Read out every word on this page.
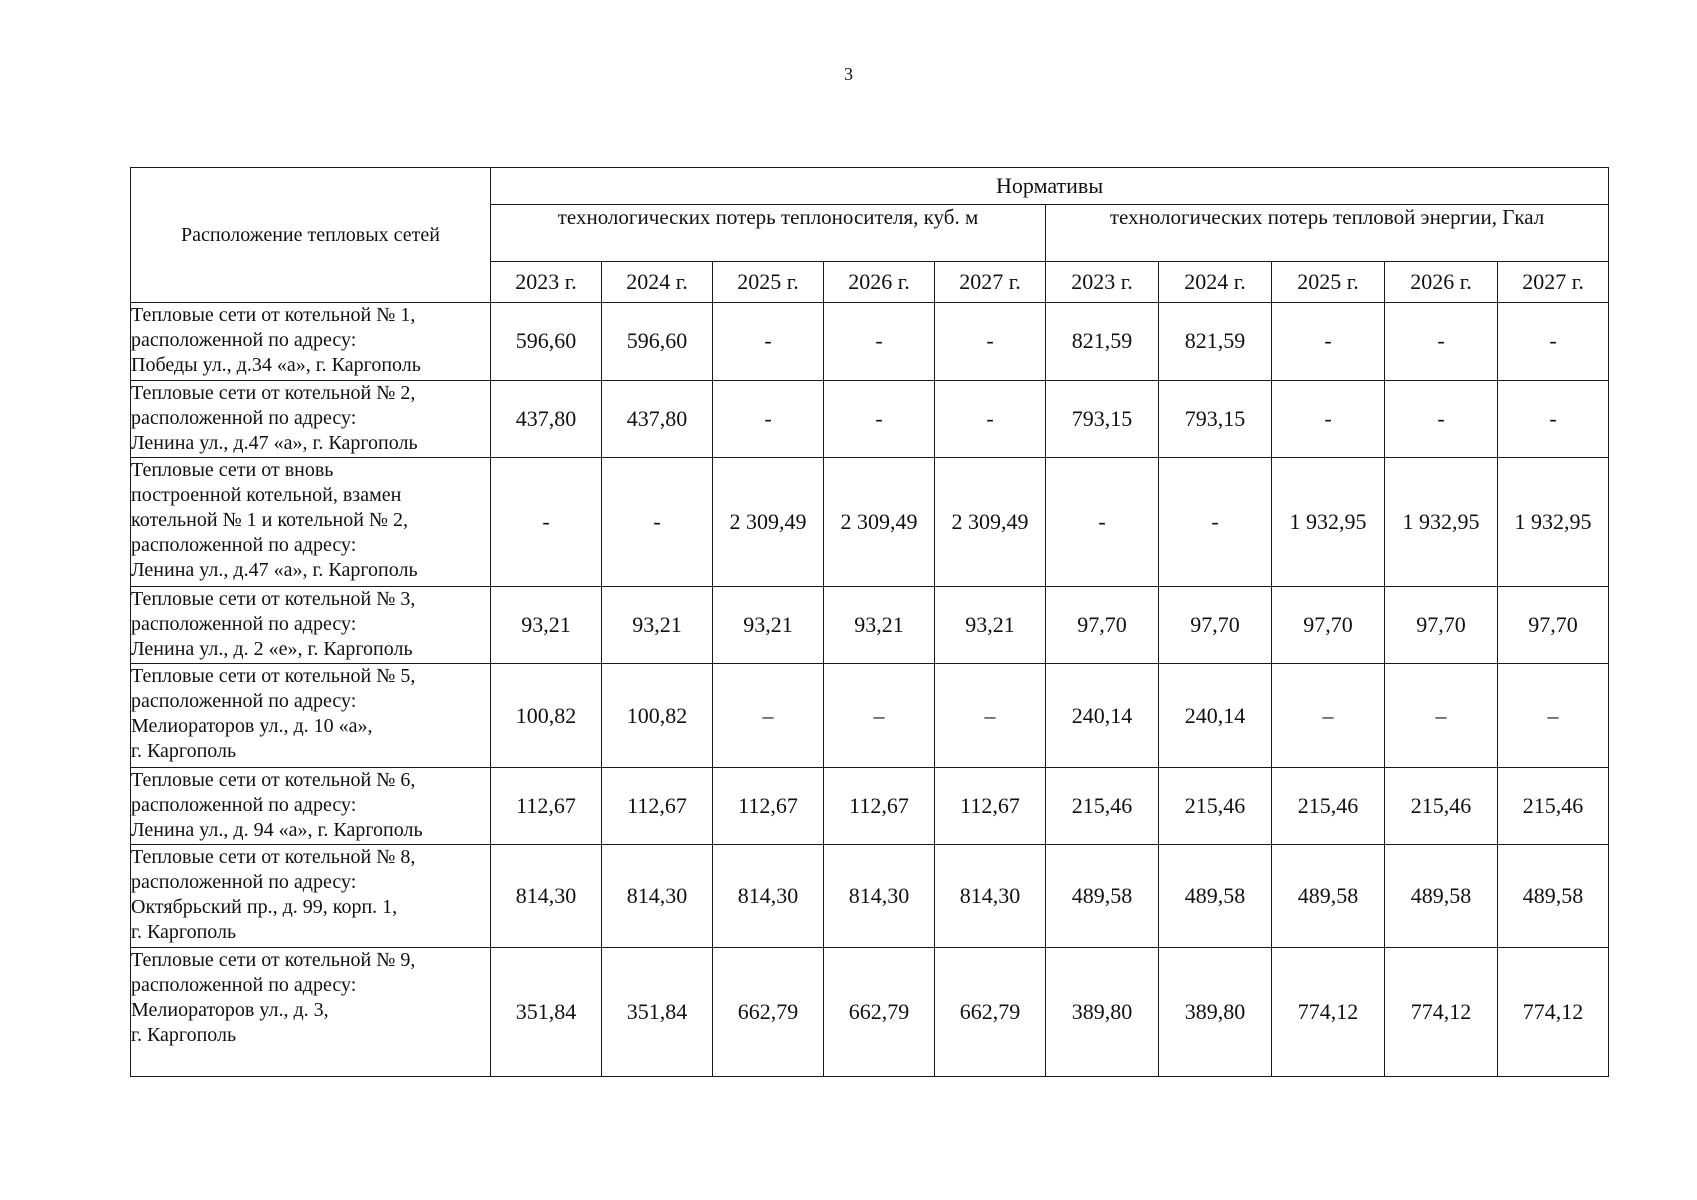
3
Расположение тепловых сетей	Нормативы									
	технологических потерь теплоносителя, куб. м					технологических потерь тепловой энергии, Гкал				
	2023 г.	2024 г.	2025 г.	2026 г.	2027 г.	2023 г.	2024 г.	2025 г.	2026 г.	2027 г.

Тепловые сети от котельной № 1,
расположенной по адресу:
Победы ул., д.34 «а», г. Каргополь	596,60	596,60	-	-	-	821,59	821,59	-	-	-

Тепловые сети от котельной № 2,
расположенной по адресу:
Ленина ул., д.47 «а», г. Каргополь	437,80	437,80	-	-	-	793,15	793,15	-	-	-

Тепловые сети от вновь
построенной котельной, взамен
котельной № 1 и котельной № 2,
расположенной по адресу:
Ленина ул., д.47 «а», г. Каргополь	-	-	2 309,49	2 309,49	2 309,49	-	-	1 932,95	1 932,95	1 932,95

Тепловые сети от котельной № 3,
расположенной по адресу:
Ленина ул., д. 2 «е», г. Каргополь	93,21	93,21	93,21	93,21	93,21	97,70	97,70	97,70	97,70	97,70

Тепловые сети от котельной № 5,
расположенной по адресу:
Мелиораторов ул., д. 10 «а»,
г. Каргополь	100,82	100,82	–	–	–	240,14	240,14	–	–	–

Тепловые сети от котельной № 6,
расположенной по адресу:
Ленина ул., д. 94 «а», г. Каргополь	112,67	112,67	112,67	112,67	112,67	215,46	215,46	215,46	215,46	215,46

Тепловые сети от котельной № 8,
расположенной по адресу:
Октябрьский пр., д. 99, корп. 1,
г. Каргополь	814,30	814,30	814,30	814,30	814,30	489,58	489,58	489,58	489,58	489,58

Тепловые сети от котельной № 9,
расположенной по адресу:
Мелиораторов ул., д. 3,
г. Каргополь	351,84	351,84	662,79	662,79	662,79	389,80	389,80	774,12	774,12	774,12
